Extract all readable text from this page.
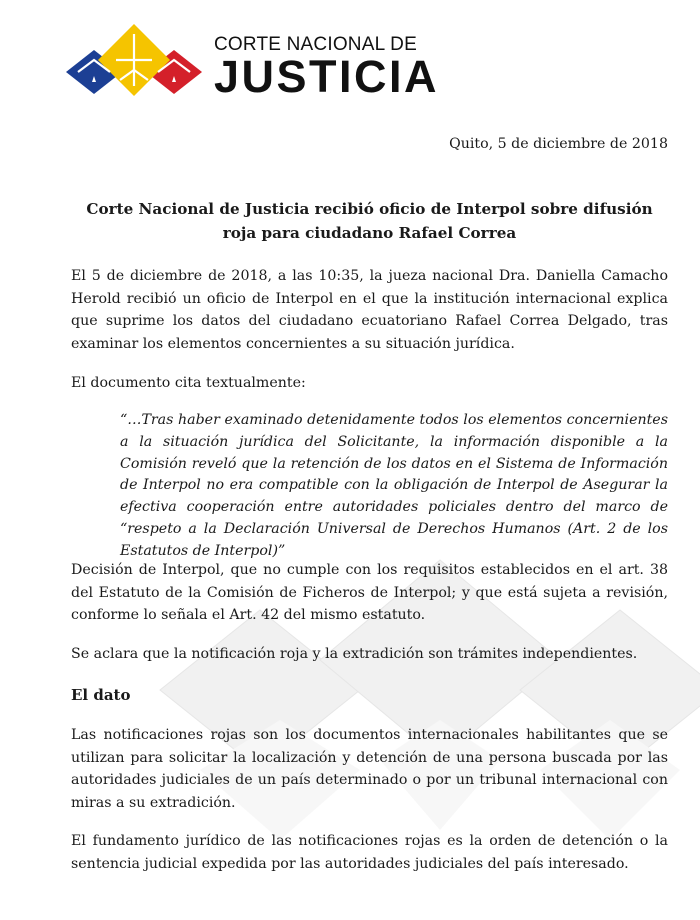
CORTE NACIONAL DE
JUSTICIA
Quito, 5 de diciembre de 2018
Corte Nacional de Justicia recibió oficio de Interpol sobre difusión roja para ciudadano Rafael Correa

El 5 de diciembre de 2018, a las 10:35, la jueza nacional Dra. Daniella Camacho Herold recibió un oficio de Interpol en el que la institución internacional explica que suprime los datos del ciudadano ecuatoriano Rafael Correa Delgado, tras examinar los elementos concernientes a su situación jurídica.

El documento cita textualmente:

“…Tras haber examinado detenidamente todos los elementos concernientes a la situación jurídica del Solicitante, la información disponible a la Comisión reveló que la retención de los datos en el Sistema de Información de Interpol no era compatible con la obligación de Interpol de Asegurar la efectiva cooperación entre autoridades policiales dentro del marco de “respeto a la Declaración Universal de Derechos Humanos (Art. 2 de los Estatutos de Interpol)”

Decisión de Interpol, que no cumple con los requisitos establecidos en el art. 38 del Estatuto de la Comisión de Ficheros de Interpol; y que está sujeta a revisión, conforme lo señala el Art. 42 del mismo estatuto.

Se aclara que la notificación roja y la extradición son trámites independientes.

El dato

Las notificaciones rojas son los documentos internacionales habilitantes que se utilizan para solicitar la localización y detención de una persona buscada por las autoridades judiciales de un país determinado o por un tribunal internacional con miras a su extradición.

El fundamento jurídico de las notificaciones rojas es la orden de detención o la sentencia judicial expedida por las autoridades judiciales del país interesado.
